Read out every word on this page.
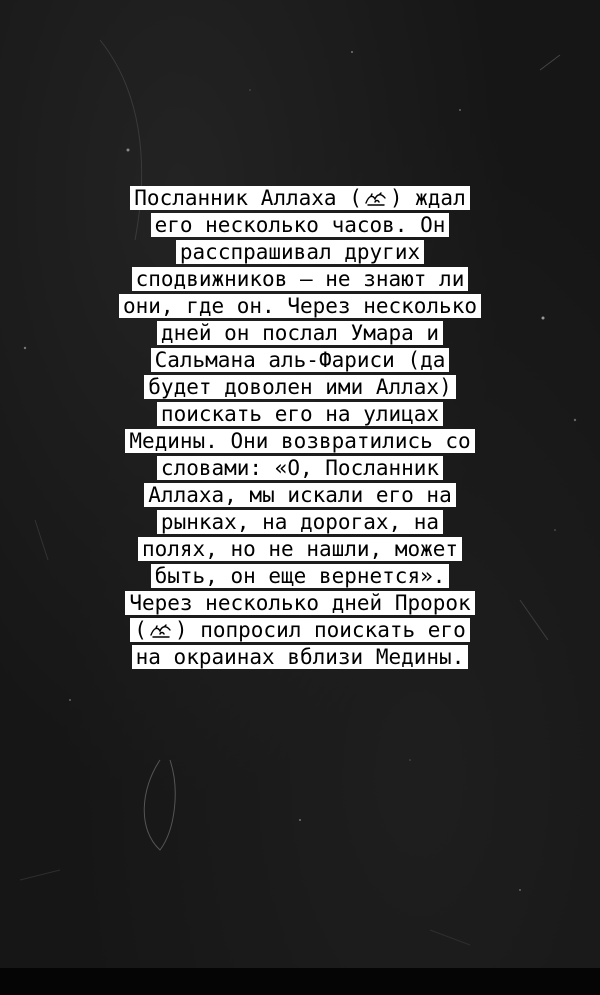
Посланник Аллаха ( ) ждал
его несколько часов. Он
расспрашивал других
сподвижников – не знают ли
они, где он. Через несколько
дней он послал Умара и
Сальмана аль-Фариси (да
будет доволен ими Аллах)
поискать его на улицах
Медины. Они возвратились со
словами: «О, Посланник
Аллаха, мы искали его на
рынках, на дорогах, на
полях, но не нашли, может
быть, он еще вернется».
Через несколько дней Пророк
( ) попросил поискать его
на окраинах вблизи Медины.
